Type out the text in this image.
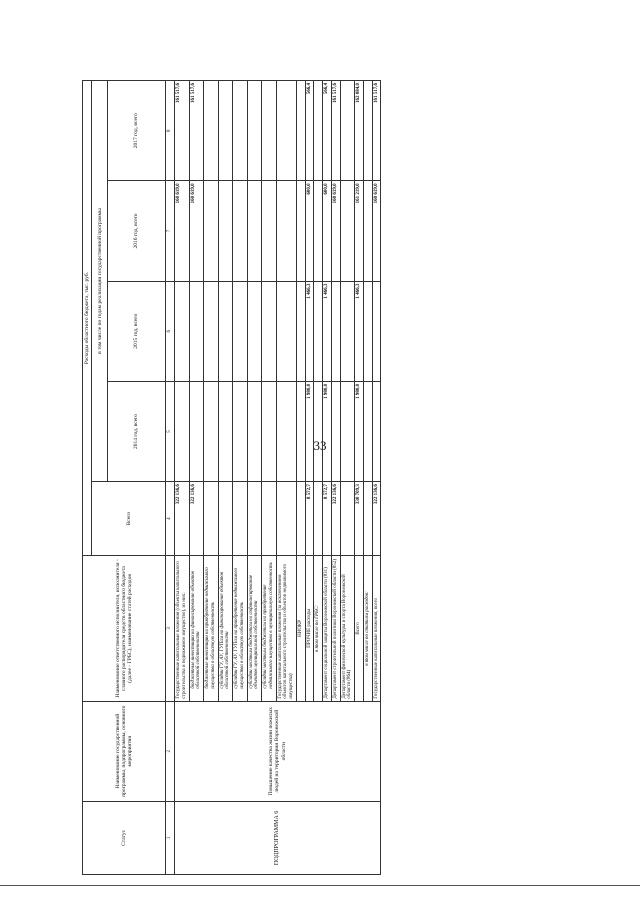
33
Статус	Наименование государственной программы, подпрограммы, основного мероприятия	Наименование ответственного исполнителя, исполнителя - главного распорядителя средств областного бюджета (далее - ГРБС), наименование статей расходов	Расходы областного бюджета, тыс. руб.				
			Всего	в том числе по годам реализации государственной программы			
				2014 год, всего	2015 год, всего	2016 год, всего	2017 год, всего
1	2	3	4	5	6	7	8
ПОДПРОГРАММА 6	Повышение качества жизни пожилых людей на территории Воронежской области	Государственные капитальные вложения (объекты капитального строительства и недвижимое имущество), из них:	322 136,6			160 619,0	161 517,6
		бюджетные инвестиции на финансирование объектов областной собственности	322 136,6			160 619,0	161 517,6
		бюджетные инвестиции на приобретение недвижимого имущества в областную собственность					
		субсидии ГУ, АУ, ГУПам на финансирование объектов областной собственности					
		субсидии ГУ, АУ, ГУПам на приобретение недвижимого имущества в областную собственность					
		субсидии местным бюджетам на софинансирование объектов муниципальной собственности					
		субсидии местным бюджетам на приобретение недвижимого имущества в муниципальную собственность					
		Государственные капитальные вложения (за исключением объектов капитального строительства и объектов недвижимого имущества)					
		НИОКР					
		ПРОЧИЕ расходы	8 572,7	1 980,0	1 466,3	600,0	566,4
		в том числе по ГРБС:					
		Департамент социальной защиты Воронежской области (831)	8 572,7	1 980,0	1 466,3	600,0	566,4
		Департамент строительной политики Воронежской области (852)	322 136,6			160 619,0	161 517,6
		Департамент физической культуры и спорта Воронежской области (864)					
		Всего	330 709,3	1 980,0	1 466,3	161 219,0	162 084,0
		в том числе по статьям расходов:					
		Государственные капитальные вложения, всего	322 136,6			160 619,0	161 517,6
